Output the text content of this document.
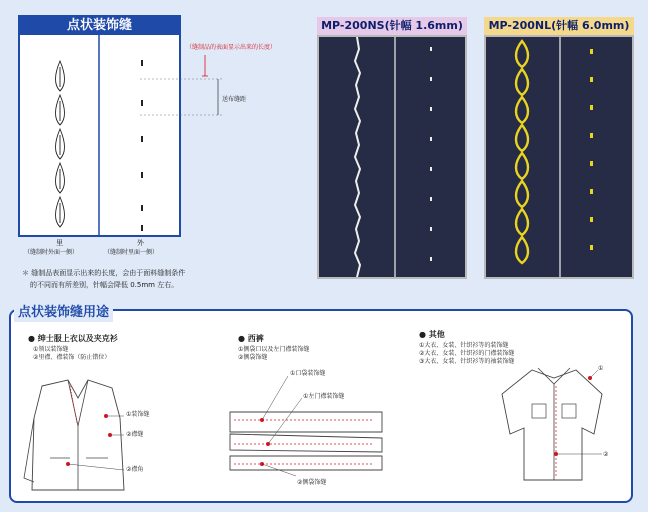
点状装饰缝
（缝制品的表面显示出来的长度）
送布缝距
里
（缝制时外面一侧）
外
（缝制时里面一侧）
＊ 缝制品表面显示出来的长度，会由于面料缝制条件
的不同而有所差别，针幅会降低 0.5mm 左右。
MP-200NS(针幅 1.6mm)	MP-200NL(针幅 6.0mm)
点状装饰缝用途
● 绅士服上衣以及夹克衫
①领以装饰缝
②里襟、襟装饰（防止错位）
①装饰缝
②襟缝
②襟角
● 西裤
①侧袋口以及左门襟装饰缝
②侧袋饰缝
①口袋装饰缝
①左门襟装饰缝
②侧袋饰缝
● 其他
①大衣、女装、针织衫等的装饰缝
②大衣、女装、针织衫的门襟装饰缝
③大衣、女装、针织衫等的袖装饰缝
①
②
